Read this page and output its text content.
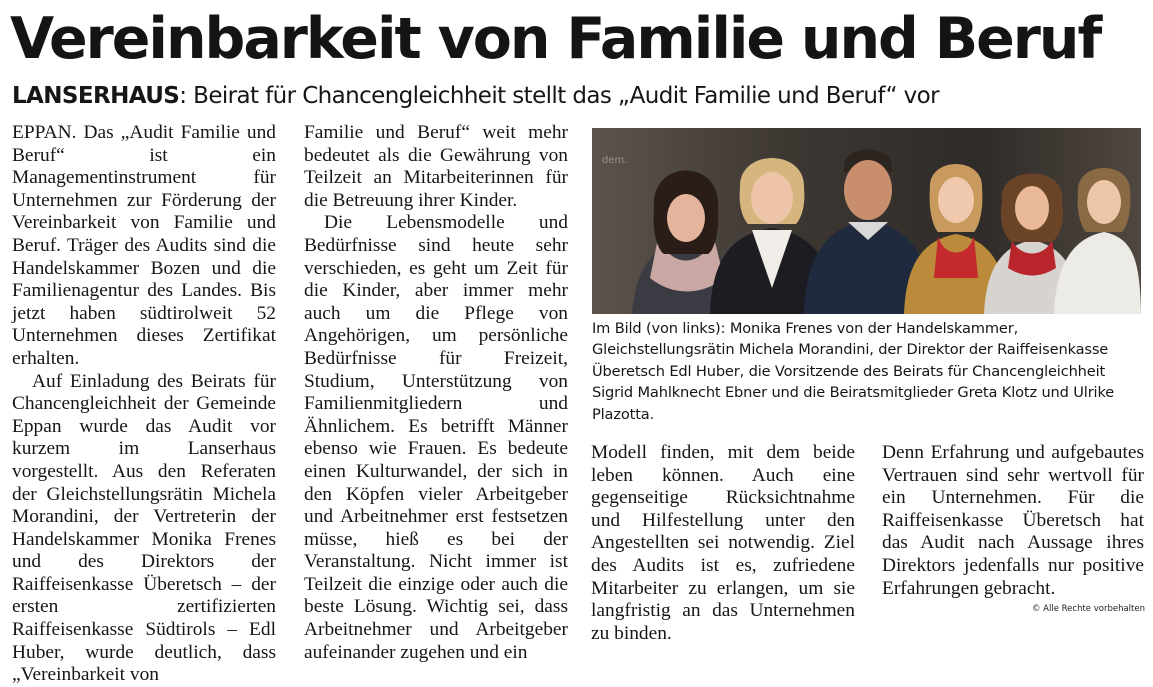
Vereinbarkeit von Familie und Beruf
LANSERHAUS: Beirat für Chancengleichheit stellt das „Audit Familie und Beruf“ vor

EPPAN. Das „Audit Familie und Beruf“ ist ein Managementinstrument für Unternehmen zur Förderung der Vereinbarkeit von Familie und Beruf. Träger des Audits sind die Handelskammer Bozen und die Familienagentur des Landes. Bis jetzt haben südtirolweit 52 Unternehmen dieses Zertifikat erhalten.

Auf Einladung des Beirats für Chancengleichheit der Gemeinde Eppan wurde das Audit vor kurzem im Lanserhaus vorgestellt. Aus den Referaten der Gleichstellungsrätin Michela Morandini, der Vertreterin der Handelskammer Monika Frenes und des Direktors der Raiffeisenkasse Überetsch – der ersten zertifizierten Raiffeisenkasse Südtirols – Edl Huber, wurde deutlich, dass „Vereinbarkeit von

Familie und Beruf“ weit mehr bedeutet als die Gewährung von Teilzeit an Mitarbeiterinnen für die Betreuung ihrer Kinder.

Die Lebensmodelle und Bedürfnisse sind heute sehr verschieden, es geht um Zeit für die Kinder, aber immer mehr auch um die Pflege von Angehörigen, um persönliche Bedürfnisse für Freizeit, Studium, Unterstützung von Familienmitgliedern und Ähnlichem. Es betrifft Männer ebenso wie Frauen. Es bedeute einen Kulturwandel, der sich in den Köpfen vieler Arbeitgeber und Arbeitnehmer erst festsetzen müsse, hieß es bei der Veranstaltung. Nicht immer ist Teilzeit die einzige oder auch die beste Lösung. Wichtig sei, dass Arbeitnehmer und Arbeitgeber aufeinander zugehen und ein

dem.

Im Bild (von links): Monika Frenes von der Handelskammer, Gleichstellungsrätin Michela Morandini, der Direktor der Raiffeisenkasse Überetsch Edl Huber, die Vorsitzende des Beirats für Chancengleichheit Sigrid Mahlknecht Ebner und die Beiratsmitglieder Greta Klotz und Ulrike Plazotta.

Modell finden, mit dem beide leben können. Auch eine gegenseitige Rücksichtnahme und Hilfestellung unter den Angestellten sei notwendig. Ziel des Audits ist es, zufriedene Mitarbeiter zu erlangen, um sie langfristig an das Unternehmen zu binden.

Denn Erfahrung und aufgebautes Vertrauen sind sehr wertvoll für ein Unternehmen. Für die Raiffeisenkasse Überetsch hat das Audit nach Aussage ihres Direktors jedenfalls nur positive Erfahrungen gebracht.

© Alle Rechte vorbehalten
